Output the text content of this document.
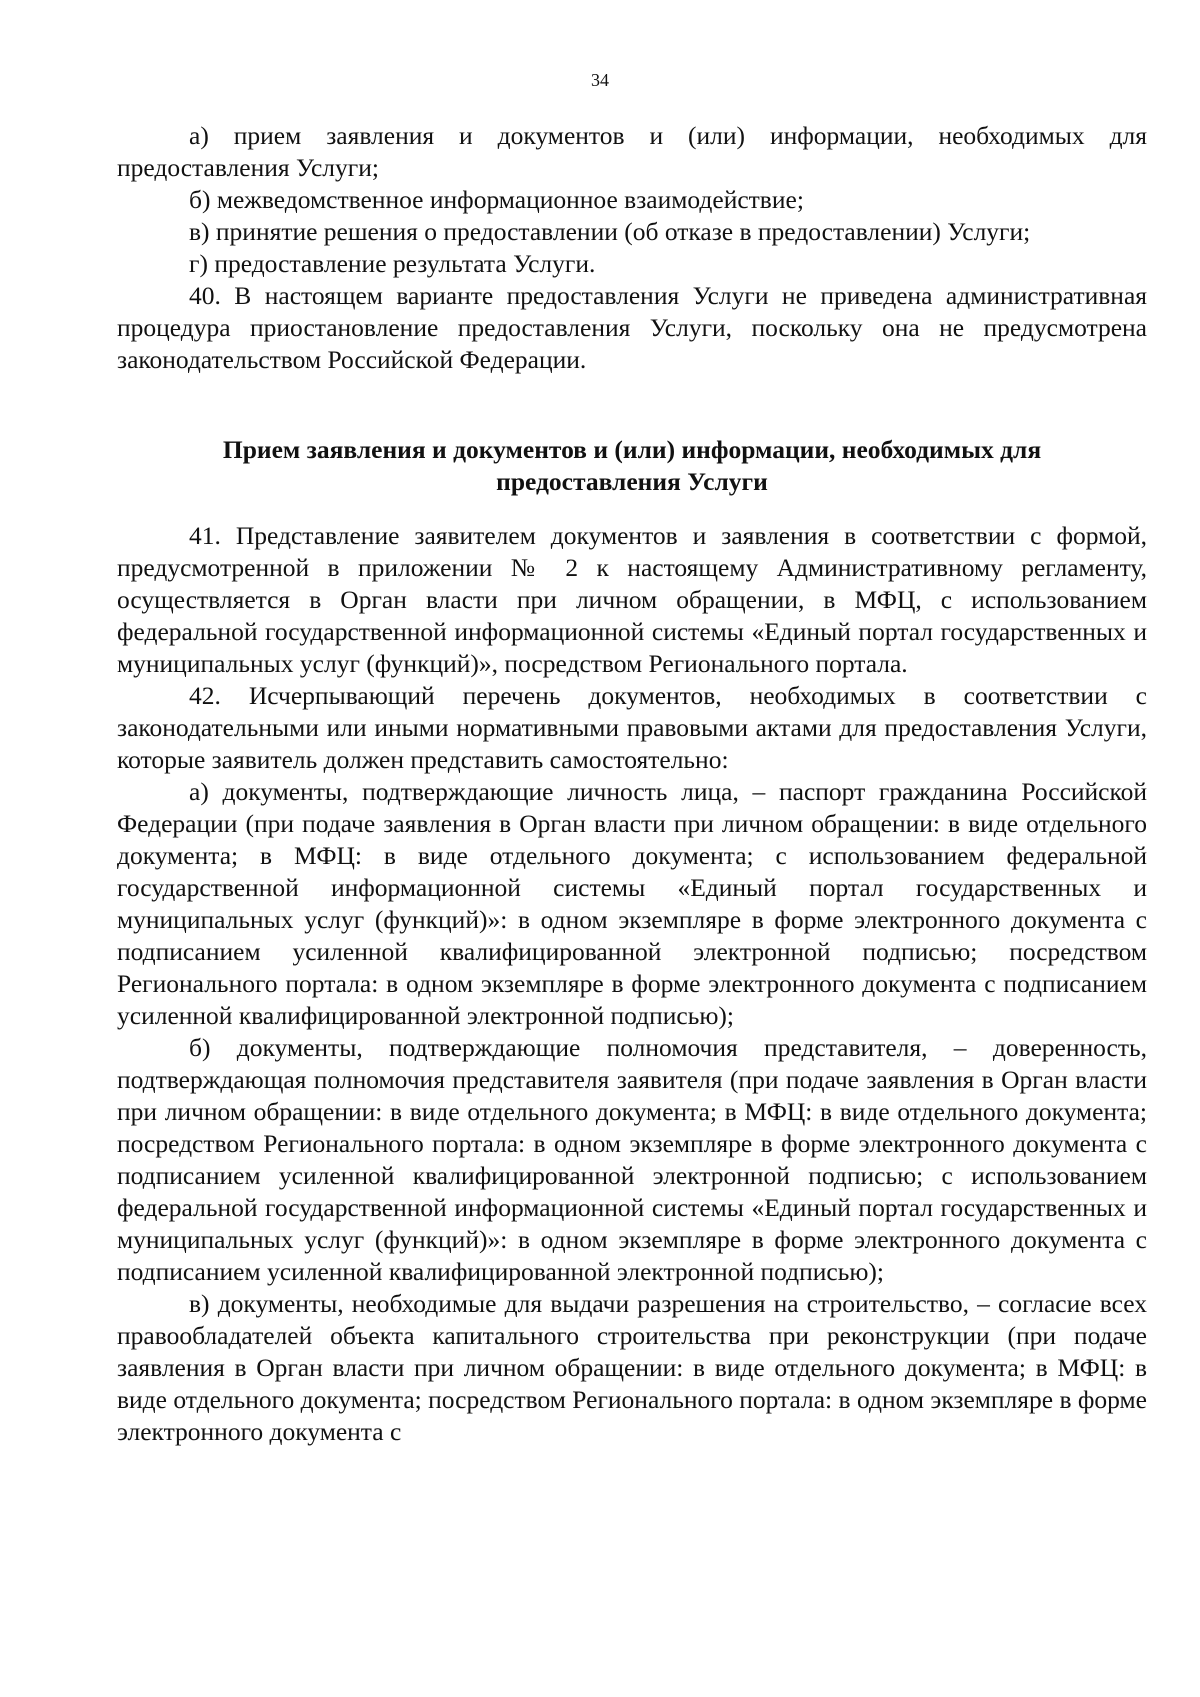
34

а) прием заявления и документов и (или) информации, необходимых для предоставления Услуги;

б) межведомственное информационное взаимодействие;

в) принятие решения о предоставлении (об отказе в предоставлении) Услуги;

г) предоставление результата Услуги.

40. В настоящем варианте предоставления Услуги не приведена административная процедура приостановление предоставления Услуги, поскольку она не предусмотрена законодательством Российской Федерации.

Прием заявления и документов и (или) информации, необходимых для
предоставления Услуги

41. Представление заявителем документов и заявления в соответствии с формой, предусмотренной в приложении № 2 к настоящему Административному регламенту, осуществляется в Орган власти при личном обращении, в МФЦ, с использованием федеральной государственной информационной системы «Единый портал государственных и муниципальных услуг (функций)», посредством Регионального портала.

42. Исчерпывающий перечень документов, необходимых в соответствии с законодательными или иными нормативными правовыми актами для предоставления Услуги, которые заявитель должен представить самостоятельно:

а) документы, подтверждающие личность лица, – паспорт гражданина Российской Федерации (при подаче заявления в Орган власти при личном обращении: в виде отдельного документа; в МФЦ: в виде отдельного документа; с использованием федеральной государственной информационной системы «Единый портал государственных и муниципальных услуг (функций)»: в одном экземпляре в форме электронного документа с подписанием усиленной квалифицированной электронной подписью; посредством Регионального портала: в одном экземпляре в форме электронного документа с подписанием усиленной квалифицированной электронной подписью);

б) документы, подтверждающие полномочия представителя, – доверенность, подтверждающая полномочия представителя заявителя (при подаче заявления в Орган власти при личном обращении: в виде отдельного документа; в МФЦ: в виде отдельного документа; посредством Регионального портала: в одном экземпляре в форме электронного документа с подписанием усиленной квалифицированной электронной подписью; с использованием федеральной государственной информационной системы «Единый портал государственных и муниципальных услуг (функций)»: в одном экземпляре в форме электронного документа с подписанием усиленной квалифицированной электронной подписью);

в) документы, необходимые для выдачи разрешения на строительство, – согласие всех правообладателей объекта капитального строительства при реконструкции (при подаче заявления в Орган власти при личном обращении: в виде отдельного документа; в МФЦ: в виде отдельного документа; посредством Регионального портала: в одном экземпляре в форме электронного документа с
